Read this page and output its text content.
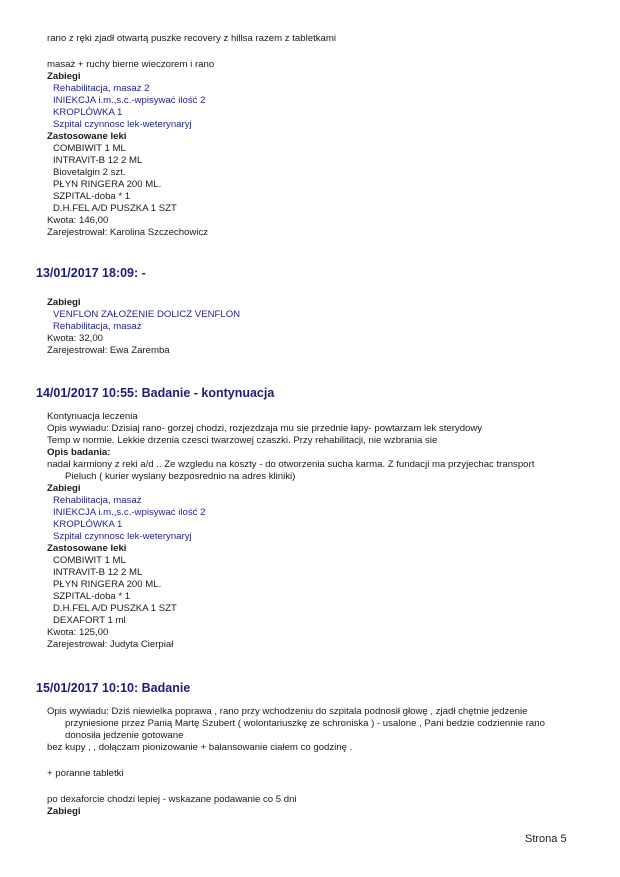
rano z ręki zjadł otwartą puszke recovery z hillsa razem z tabletkami
masaż + ruchy bierne wieczorem i rano
Zabiegi
Rehabilitacja, masaż 2
INIEKCJA i.m.,s.c.-wpisywać ilość 2
KROPLÓWKA 1
Szpital czynnosc lek-weterynaryj
Zastosowane leki
COMBIWIT 1 ML
INTRAVIT-B 12 2 ML
Biovetalgin 2 szt.
PŁYN RINGERA 200 ML.
SZPITAL-doba * 1
D.H.FEL A/D PUSZKA 1 SZT
Kwota: 146,00
Zarejestrował: Karolina Szczechowicz
13/01/2017 18:09: -
Zabiegi
VENFLON ZAŁOŻENIE DOLICZ VENFLON
Rehabilitacja, masaż
Kwota: 32,00
Zarejestrował: Ewa Zaremba
14/01/2017 10:55: Badanie - kontynuacja
Kontynuacja leczenia
Opis wywiadu: Dzisiaj rano- gorzej chodzi, rozjezdzaja mu sie przednie łapy- powtarzam lek sterydowy
Temp w normie. Lekkie drzenia czesci twarzowej czaszki. Przy rehabilitacji, nie wzbrania sie
Opis badania:
nadal karmiony z reki a/d .. Ze wzgledu na koszty - do otworzenia sucha karma. Z fundacji ma przyjechac transport
Pieluch ( kurier wyslany bezposrednio na adres kliniki)
Zabiegi
Rehabilitacja, masaż
INIEKCJA i.m.,s.c.-wpisywać ilość 2
KROPLÓWKA 1
Szpital czynnosc lek-weterynaryj
Zastosowane leki
COMBIWIT 1 ML
INTRAVIT-B 12 2 ML
PŁYN RINGERA 200 ML.
SZPITAL-doba * 1
D.H.FEL A/D PUSZKA 1 SZT
DEXAFORT 1 ml
Kwota: 125,00
Zarejestrował: Judyta Cierpiał
15/01/2017 10:10: Badanie
Opis wywiadu: Dziś niewielka poprawa , rano przy wchodzeniu do szpitala podnosił głowę , zjadł chętnie jedzenie
przyniesione przez Panią Martę Szubert ( wolontariuszkę ze schroniska ) - usalone , Pani bedzie codziennie rano
donosiła jedzenie gotowane
bez kupy , , dołączam pionizowanie + balansowanie ciałem co godzinę .
+ poranne tabletki
po dexaforcie chodzi lepiej - wskazane podawanie co 5 dni
Zabiegi
Strona 5
